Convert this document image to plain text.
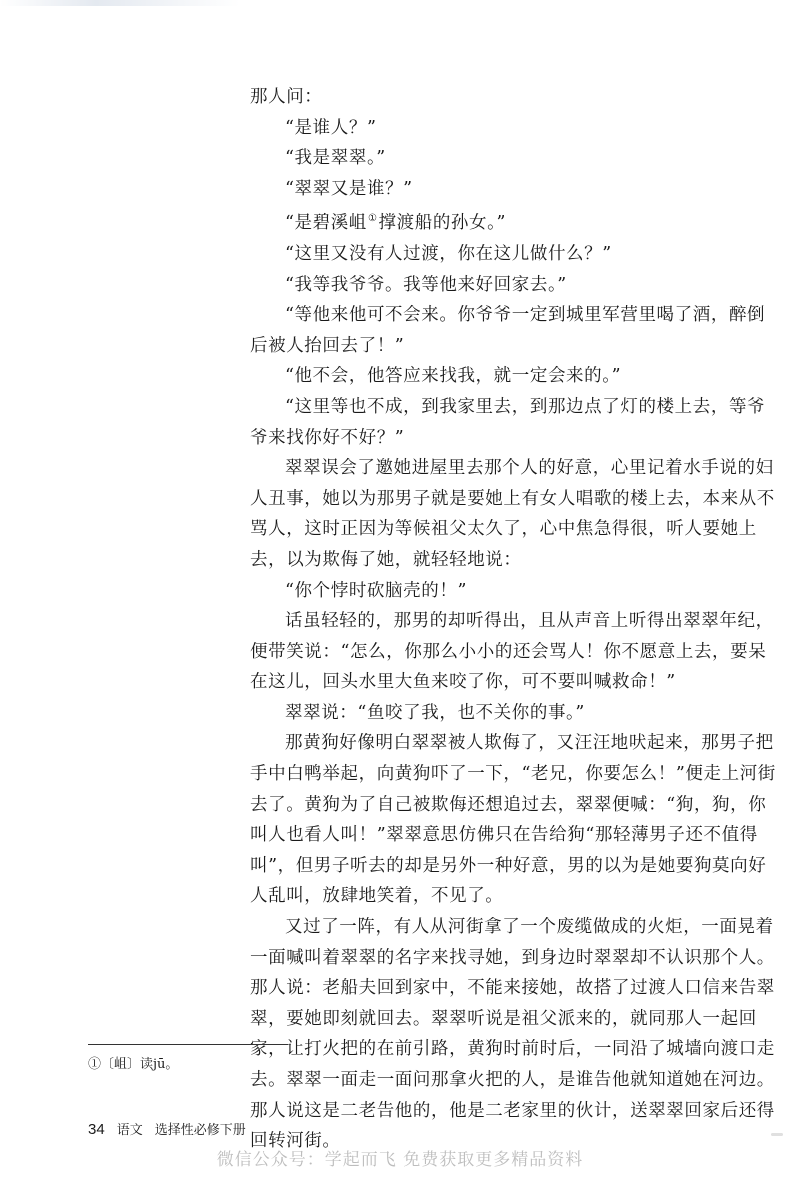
那人问：

“是谁人？”

“我是翠翠。”

“翠翠又是谁？”

“是碧溪岨①撑渡船的孙女。”

“这里又没有人过渡，你在这儿做什么？”

“我等我爷爷。我等他来好回家去。”

“等他来他可不会来。你爷爷一定到城里军营里喝了酒，醉倒后被人抬回去了！”

“他不会，他答应来找我，就一定会来的。”

“这里等也不成，到我家里去，到那边点了灯的楼上去，等爷爷来找你好不好？”

翠翠误会了邀她进屋里去那个人的好意，心里记着水手说的妇人丑事，她以为那男子就是要她上有女人唱歌的楼上去，本来从不骂人，这时正因为等候祖父太久了，心中焦急得很，听人要她上去，以为欺侮了她，就轻轻地说：

“你个悖时砍脑壳的！”

话虽轻轻的，那男的却听得出，且从声音上听得出翠翠年纪，便带笑说：“怎么，你那么小小的还会骂人！你不愿意上去，要呆在这儿，回头水里大鱼来咬了你，可不要叫喊救命！”

翠翠说：“鱼咬了我，也不关你的事。”

那黄狗好像明白翠翠被人欺侮了，又汪汪地吠起来，那男子把手中白鸭举起，向黄狗吓了一下，“老兄，你要怎么！”便走上河街去了。黄狗为了自己被欺侮还想追过去，翠翠便喊：“狗，狗，你叫人也看人叫！”翠翠意思仿佛只在告给狗“那轻薄男子还不值得叫”，但男子听去的却是另外一种好意，男的以为是她要狗莫向好人乱叫，放肆地笑着，不见了。

又过了一阵，有人从河街拿了一个废缆做成的火炬，一面晃着一面喊叫着翠翠的名字来找寻她，到身边时翠翠却不认识那个人。那人说：老船夫回到家中，不能来接她，故搭了过渡人口信来告翠翠，要她即刻就回去。翠翠听说是祖父派来的，就同那人一起回家，让打火把的在前引路，黄狗时前时后，一同沿了城墙向渡口走去。翠翠一面走一面问那拿火把的人，是谁告他就知道她在河边。那人说这是二老告他的，他是二老家里的伙计，送翠翠回家后还得回转河街。

①〔岨〕读jū。
34 语文 选择性必修下册
微信公众号：学起而飞 免费获取更多精品资料
